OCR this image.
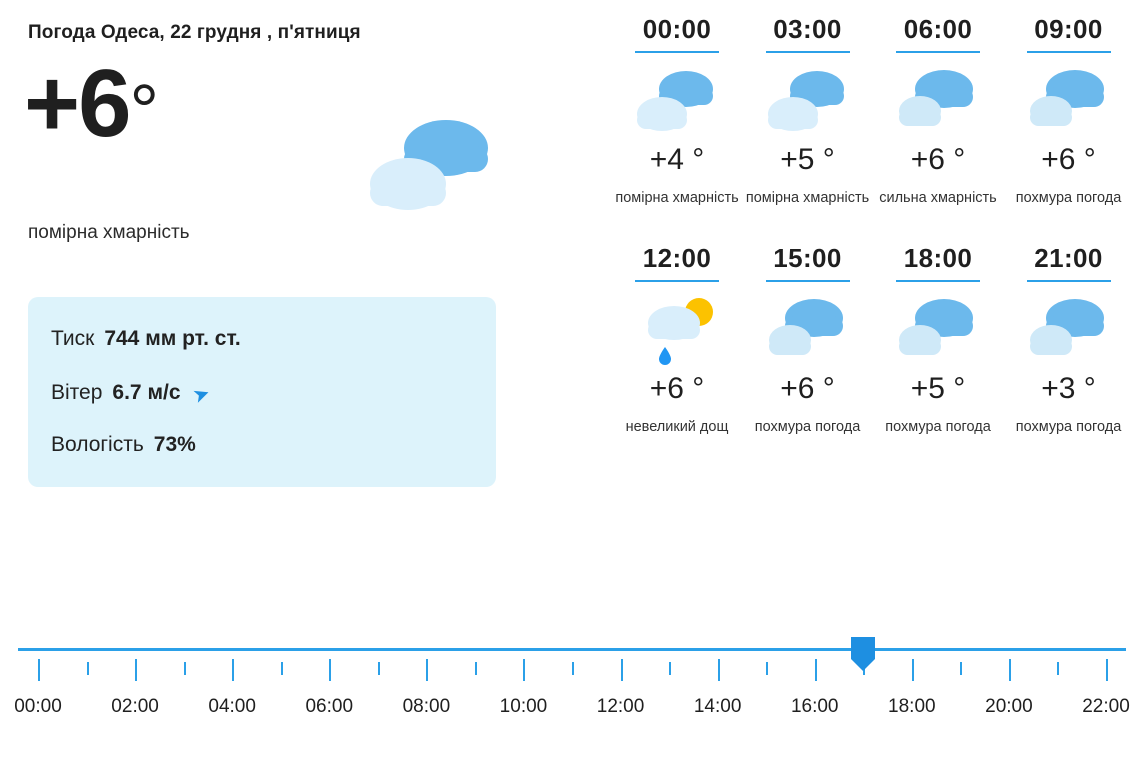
Погода Одеса, 22 грудня , п'ятниця
+6°
помірна хмарність
Тиск 744 мм рт. ст.
Вітер 6.7 м/с ➤
Вологість 73%
00:00
+4 °
помірна хмарність
03:00
+5 °
помірна хмарність
06:00
+6 °
сильна хмарність
09:00
+6 °
похмура погода
12:00
+6 °
невеликий дощ
15:00
+6 °
похмура погода
18:00
+5 °
похмура погода
21:00
+3 °
похмура погода
00:00	02:00	04:00	06:00	08:00	10:00	12:00	14:00	16:00	18:00	20:00	22:00
